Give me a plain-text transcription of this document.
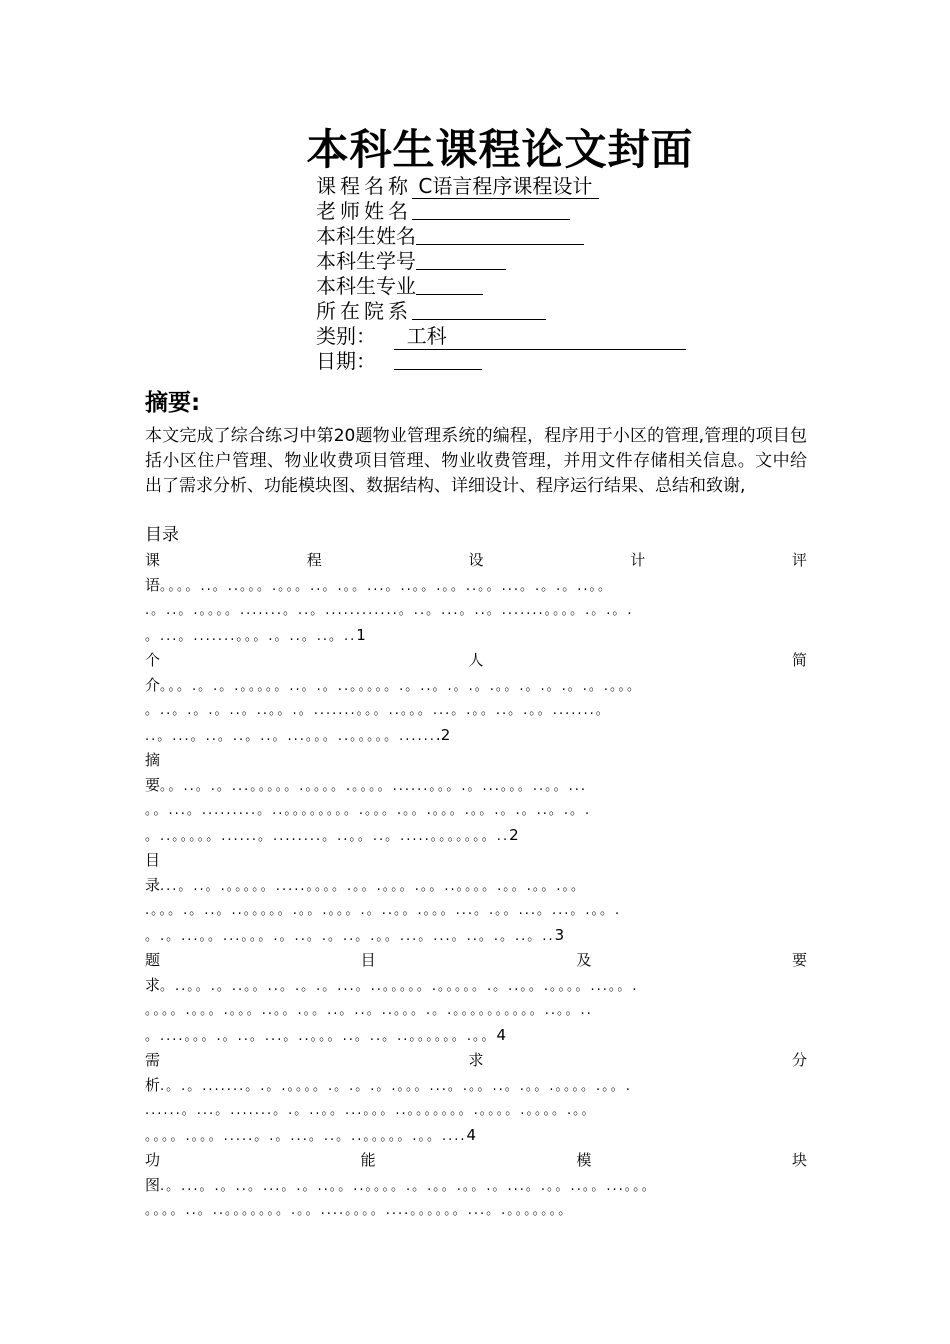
本科生课程论文封面
课程名称 C语言程序课程设计
老师姓名
本科生姓名
本科生学号
本科生专业
所在院系
类别： 工科
日期：
摘要:
本文完成了综合练习中第20题物业管理系统的编程，程序用于小区的管理,管理的项目包括小区住户管理、物业收费项目管理、物业收费管理，并用文件存储相关信息。文中给出了需求分析、功能模块图、数据结构、详细设计、程序运行结果、总结和致谢,
目录
课	程	设	计	评
语。。。。..。..。。。.。。。..。.。。...。..。。.。。..。。...。.。.。..。。
.。..。.。。。。.......。..。............。..。...。..。.......。。。。.。.。.
。...。.......。。。.。..。..。..1
个	人	简
介。。。.。.。.。。。。。..。.。..。。。。。.。..。.。.。.。。.。.。.。.。.。。。
。..。.。.。..。..。。.。.......。。。..。。。...。.。。..。.。。.......。
..。...。..。..。..。...。。。..。。。。。.......2
摘
要。。..。.。...。。。。。.。。。。.。。。。......。。。.。...。。。..。。...
。。...。.........。..。。。。。。。。.。。。.。。.。。。.。。.。.。..。.。.
。..。。。。。......。........。..。。..。.....。。。。。。。..2
目
录...。..。.。。。。。.....。。。。.。。.。。。.。。..。。。。.。。.。。.。。
.。。。.。..。..。。。。。.。。.。。。.。..。。.。。。...。.。。...。...。.。。.
。.。...。。...。。。.。..。.。..。.。。...。...。..。.。..。..3
题	目	及	要
求。..。。.。..。。..。.。.。...。..。。。。。.。。。。。.。..。。.。。。。...。。.
。。。。.。。。.。。。..。。.。。..。..。..。。。.。.。。。。。。。。。。..。。..
。....。。。.。..。...。..。。。..。..。..。。。。。。.。。4
需	求	分
析.。.。.......。.。.。。。。.。.。.。.。。。...。.。。..。.。。.。。。。.。。.
......。...。.......。.。..。。...。。。..。。。。。。。.。。。。.。。。。.。。
。。。。.。。。.....。.。...。..。..。。。。。.。。....4
功	能	模	块
图.。...。.。..。...。.。..。。..。。。。.。.。。.。。.。...。.。。..。。...。。。
。。。。..。..。。。。。。。.。。....。。。。....。。。。。。...。.。。。。。。。
